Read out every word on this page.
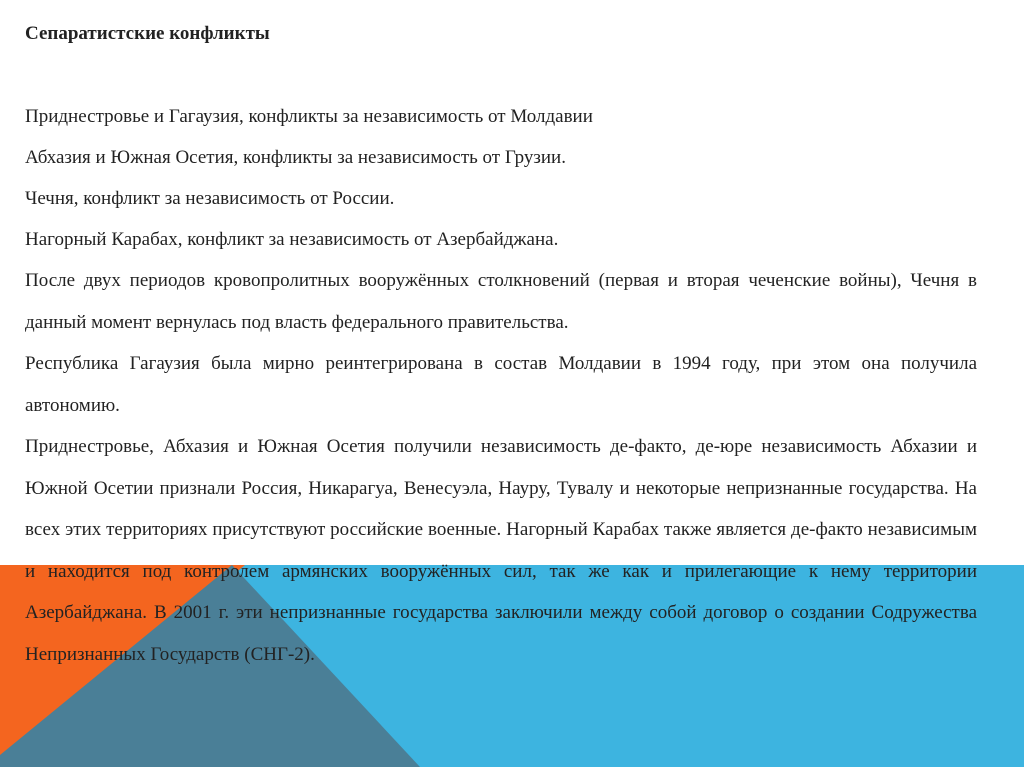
Сепаратистские конфликты
Приднестровье и Гагаузия, конфликты за независимость от Молдавии
Абхазия и Южная Осетия, конфликты за независимость от Грузии.
Чечня, конфликт за независимость от России.
Нагорный Карабах, конфликт за независимость от Азербайджана.

После двух периодов кровопролитных вооружённых столкновений (первая и вторая чеченские войны), Чечня в данный момент вернулась под власть федерального правительства.

Республика Гагаузия была мирно реинтегрирована в состав Молдавии в 1994 году, при этом она получила автономию.

Приднестровье, Абхазия и Южная Осетия получили независимость де-факто, де-юре независимость Абхазии и Южной Осетии признали Россия, Никарагуа, Венесуэла, Науру, Тувалу и некоторые непризнанные государства. На всех этих территориях присутствуют российские военные. Нагорный Карабах также является де-факто независимым и находится под контролем армянских вооружённых сил, так же как и прилегающие к нему территории Азербайджана. В 2001 г. эти непризнанные государства заключили между собой договор о создании Содружества Непризнанных Государств (СНГ-2).
